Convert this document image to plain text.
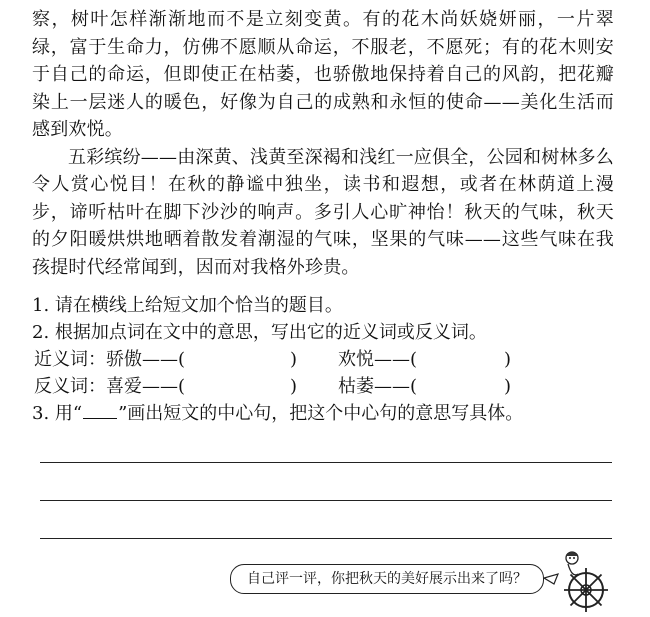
察，树叶怎样渐渐地而不是立刻变黄。有的花木尚妖娆妍丽，一片翠绿，富于生命力，仿佛不愿顺从命运，不服老，不愿死；有的花木则安于自己的命运，但即使正在枯萎，也骄傲地保持着自己的风韵，把花瓣染上一层迷人的暖色，好像为自己的成熟和永恒的使命——美化生活而感到欢悦。

五彩缤纷——由深黄、浅黄至深褐和浅红一应俱全，公园和树林多么令人赏心悦目！在秋的静谧中独坐，读书和遐想，或者在林荫道上漫步，谛听枯叶在脚下沙沙的响声。多引人心旷神怡！秋天的气味，秋天的夕阳暖烘烘地晒着散发着潮湿的气味，坚果的气味——这些气味在我孩提时代经常闻到，因而对我格外珍贵。

1. 请在横线上给短文加个恰当的题目。
2. 根据加点词在文中的意思，写出它的近义词或反义词。
近义词：骄傲——(	) 欢悦——(	)
反义词：喜爱——(	) 枯萎——(	)
3. 用“ ”画出短文的中心句，把这个中心句的意思写具体。
自己评一评，你把秋天的美好展示出来了吗？
